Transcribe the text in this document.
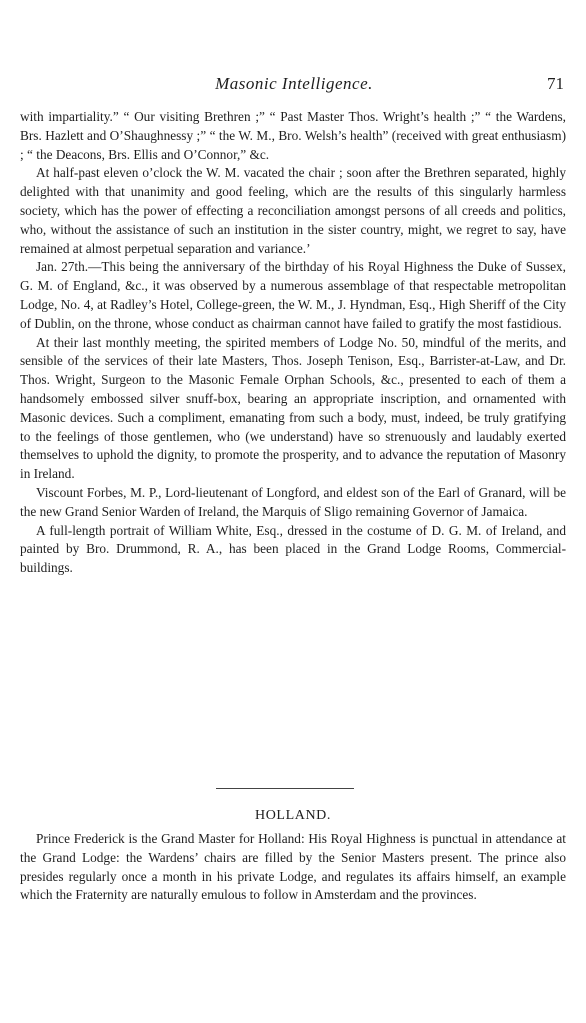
Masonic Intelligence.	71

with impartiality.” “ Our visiting Brethren ;” “ Past Master Thos. Wright’s health ;” “ the Wardens, Brs. Hazlett and O’Shaughnessy ;” “ the W. M., Bro. Welsh’s health” (received with great enthusiasm) ; “ the Deacons, Brs. Ellis and O’Connor,” &c.

At half-past eleven o’clock the W. M. vacated the chair ; soon after the Brethren separated, highly delighted with that unanimity and good feeling, which are the results of this singularly harmless society, which has the power of effecting a reconciliation amongst persons of all creeds and politics, who, without the assistance of such an institution in the sister country, might, we regret to say, have remained at almost perpetual separation and variance.’

Jan. 27th.—This being the anniversary of the birthday of his Royal Highness the Duke of Sussex, G. M. of England, &c., it was observed by a numerous assemblage of that respectable metropolitan Lodge, No. 4, at Radley’s Hotel, College-green, the W. M., J. Hyndman, Esq., High Sheriff of the City of Dublin, on the throne, whose conduct as chairman cannot have failed to gratify the most fastidious.

At their last monthly meeting, the spirited members of Lodge No. 50, mindful of the merits, and sensible of the services of their late Masters, Thos. Joseph Tenison, Esq., Barrister-at-Law, and Dr. Thos. Wright, Surgeon to the Masonic Female Orphan Schools, &c., presented to each of them a handsomely embossed silver snuff-box, bearing an appropriate inscription, and ornamented with Masonic devices. Such a compliment, emanating from such a body, must, indeed, be truly gratifying to the feelings of those gentlemen, who (we understand) have so strenuously and laudably exerted themselves to uphold the dignity, to promote the prosperity, and to advance the reputation of Masonry in Ireland.

Viscount Forbes, M. P., Lord-lieutenant of Longford, and eldest son of the Earl of Granard, will be the new Grand Senior Warden of Ireland, the Marquis of Sligo remaining Governor of Jamaica.

A full-length portrait of William White, Esq., dressed in the costume of D. G. M. of Ireland, and painted by Bro. Drummond, R. A., has been placed in the Grand Lodge Rooms, Commercial-buildings.

HOLLAND.

Prince Frederick is the Grand Master for Holland: His Royal Highness is punctual in attendance at the Grand Lodge: the Wardens’ chairs are filled by the Senior Masters present. The prince also presides regularly once a month in his private Lodge, and regulates its affairs himself, an example which the Fraternity are naturally emulous to follow in Amsterdam and the provinces.
